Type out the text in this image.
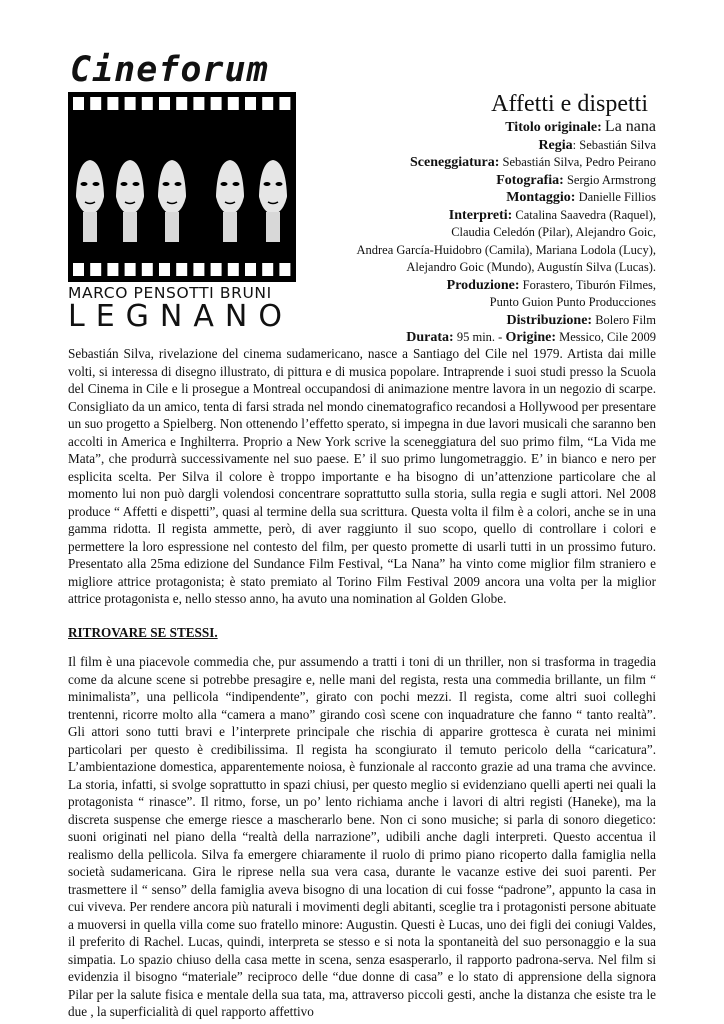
Cineforum
MARCO PENSOTTI BRUNI
LEGNANO
Affetti e dispetti
Titolo originale: La nana
Regia: Sebastián Silva
Sceneggiatura: Sebastián Silva, Pedro Peirano
Fotografia: Sergio Armstrong
Montaggio: Danielle Fillios
Interpreti: Catalina Saavedra (Raquel),
Claudia Celedón (Pilar), Alejandro Goic,
Andrea García-Huidobro (Camila), Mariana Lodola (Lucy),
Alejandro Goic (Mundo), Augustín Silva (Lucas).
Produzione: Forastero, Tiburón Filmes,
Punto Guion Punto Producciones
Distribuzione: Bolero Film
Durata: 95 min. - Origine: Messico, Cile 2009

Sebastián Silva, rivelazione del cinema sudamericano, nasce a Santiago del Cile nel 1979. Artista dai mille volti, si interessa di disegno illustrato, di pittura e di musica popolare. Intraprende i suoi studi presso la Scuola del Cinema in Cile e li prosegue a Montreal occupandosi di animazione mentre lavora in un negozio di scarpe. Consigliato da un amico, tenta di farsi strada nel mondo cinematografico recandosi a Hollywood per presentare un suo progetto a Spielberg. Non ottenendo l’effetto sperato, si impegna in due lavori musicali che saranno ben accolti in America e Inghilterra. Proprio a New York scrive la sceneggiatura del suo primo film, “La Vida me Mata”, che produrrà successivamente nel suo paese. E’ il suo primo lungometraggio. E’ in bianco e nero per esplicita scelta. Per Silva il colore è troppo importante e ha bisogno di un’attenzione particolare che al momento lui non può dargli volendosi concentrare soprattutto sulla storia, sulla regia e sugli attori. Nel 2008 produce “ Affetti e dispetti”, quasi al termine della sua scrittura. Questa volta il film è a colori, anche se in una gamma ridotta. Il regista ammette, però, di aver raggiunto il suo scopo, quello di controllare i colori e permettere la loro espressione nel contesto del film, per questo promette di usarli tutti in un prossimo futuro. Presentato alla 25ma edizione del Sundance Film Festival, “La Nana” ha vinto come miglior film straniero e migliore attrice protagonista; è stato premiato al Torino Film Festival 2009 ancora una volta per la miglior attrice protagonista e, nello stesso anno, ha avuto una nomination al Golden Globe.

RITROVARE SE STESSI.

Il film è una piacevole commedia che, pur assumendo a tratti i toni di un thriller, non si trasforma in tragedia come da alcune scene si potrebbe presagire e, nelle mani del regista, resta una commedia brillante, un film “ minimalista”, una pellicola “indipendente”, girato con pochi mezzi. Il regista, come altri suoi colleghi trentenni, ricorre molto alla “camera a mano” girando così scene con inquadrature che fanno “ tanto realtà”. Gli attori sono tutti bravi e l’interprete principale che rischia di apparire grottesca è curata nei minimi particolari per questo è credibilissima. Il regista ha scongiurato il temuto pericolo della “caricatura”. L’ambientazione domestica, apparentemente noiosa, è funzionale al racconto grazie ad una trama che avvince. La storia, infatti, si svolge soprattutto in spazi chiusi, per questo meglio si evidenziano quelli aperti nei quali la protagonista “ rinasce”. Il ritmo, forse, un po’ lento richiama anche i lavori di altri registi (Haneke), ma la discreta suspense che emerge riesce a mascherarlo bene. Non ci sono musiche; si parla di sonoro diegetico: suoni originati nel piano della “realtà della narrazione”, udibili anche dagli interpreti. Questo accentua il realismo della pellicola. Silva fa emergere chiaramente il ruolo di primo piano ricoperto dalla famiglia nella società sudamericana. Gira le riprese nella sua vera casa, durante le vacanze estive dei suoi parenti. Per trasmettere il “ senso” della famiglia aveva bisogno di una location di cui fosse “padrone”, appunto la casa in cui viveva. Per rendere ancora più naturali i movimenti degli abitanti, sceglie tra i protagonisti persone abituate a muoversi in quella villa come suo fratello minore: Augustin. Questi è Lucas, uno dei figli dei coniugi Valdes, il preferito di Rachel. Lucas, quindi, interpreta se stesso e si nota la spontaneità del suo personaggio e la sua simpatia. Lo spazio chiuso della casa mette in scena, senza esasperarlo, il rapporto padrona-serva. Nel film si evidenzia il bisogno “materiale” reciproco delle “due donne di casa” e lo stato di apprensione della signora Pilar per la salute fisica e mentale della sua tata, ma, attraverso piccoli gesti, anche la distanza che esiste tra le due , la superficialità di quel rapporto affettivo
